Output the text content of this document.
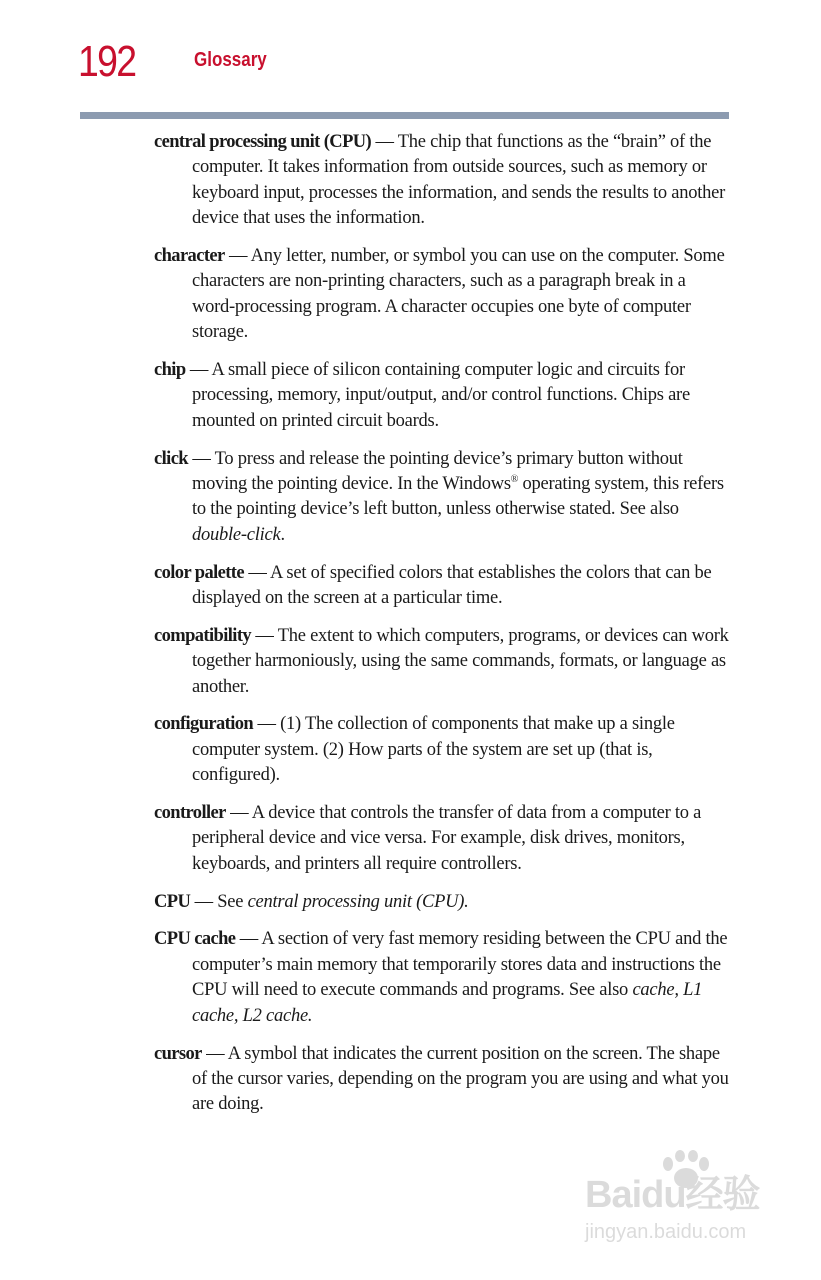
192	Glossary

central processing unit (CPU) — The chip that functions as the “brain” of the computer. It takes information from outside sources, such as memory or keyboard input, processes the information, and sends the results to another device that uses the information.

character — Any letter, number, or symbol you can use on the computer. Some characters are non-printing characters, such as a paragraph break in a word-processing program. A character occupies one byte of computer storage.

chip — A small piece of silicon containing computer logic and circuits for processing, memory, input/output, and/or control functions. Chips are mounted on printed circuit boards.

click — To press and release the pointing device’s primary button without moving the pointing device. In the Windows® operating system, this refers to the pointing device’s left button, unless otherwise stated. See also double-click.

color palette — A set of specified colors that establishes the colors that can be displayed on the screen at a particular time.

compatibility — The extent to which computers, programs, or devices can work together harmoniously, using the same commands, formats, or language as another.

configuration — (1) The collection of components that make up a single computer system. (2) How parts of the system are set up (that is, configured).

controller — A device that controls the transfer of data from a computer to a peripheral device and vice versa. For example, disk drives, monitors, keyboards, and printers all require controllers.

CPU — See central processing unit (CPU).

CPU cache — A section of very fast memory residing between the CPU and the computer’s main memory that temporarily stores data and instructions the CPU will need to execute commands and programs. See also cache, L1 cache, L2 cache.

cursor — A symbol that indicates the current position on the screen. The shape of the cursor varies, depending on the program you are using and what you are doing.

Baidu经验
jingyan.baidu.com
